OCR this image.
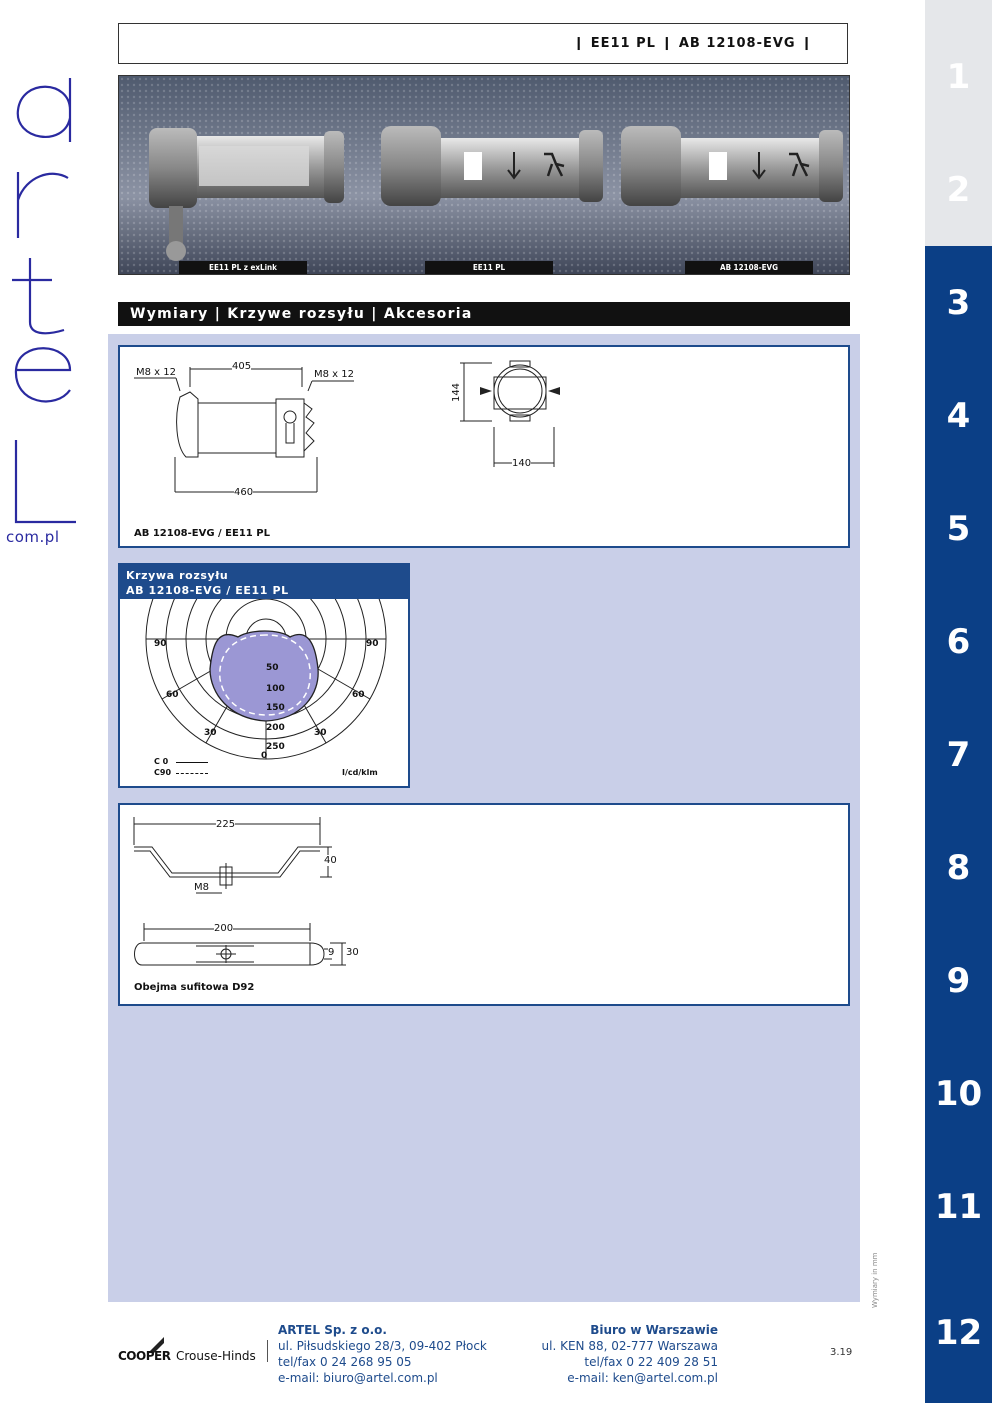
com.pl
❙ EE11 PL ❙ AB 12108-EVG ❙
EE11 PL z exLink	EE11 PL	AB 12108-EVG
Wymiary | Krzywe rozsyłu | Akcesoria
AB 12108-EVG / EE11 PL
M8 x 12	M8 x 12
405
460
144
140
Krzywa rozsyłu
AB 12108-EVG / EE11 PL
90	90
60	60
30	30
0
50
100
150
200
250
C 0
C90	I/cd/klm
225
40
M8
200
9 30
Obejma sufitowa D92
1
2
3
4
5
6
7
8
9
10
11
12
Wymiary in mm
COOPER Crouse-Hinds
ARTEL Sp. z o.o.
ul. Piłsudskiego 28/3, 09-402 Płock
tel/fax 0 24 268 95 05
e-mail: biuro@artel.com.pl
Biuro w Warszawie
ul. KEN 88, 02-777 Warszawa
tel/fax 0 22 409 28 51
e-mail: ken@artel.com.pl
3.19
